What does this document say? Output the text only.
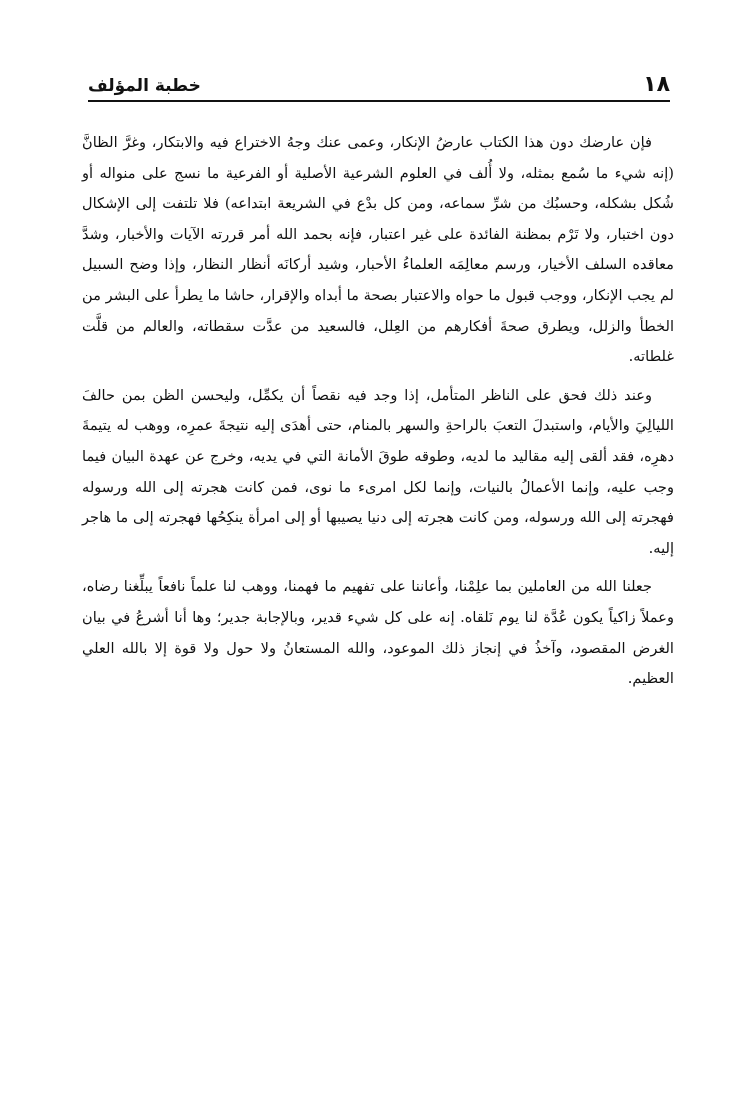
١٨
خطبة المؤلف

فإن عارضك دون هذا الكتاب عارضُ الإنكار، وعمى عنك وجهُ الاختراع فيه والابتكار، وغرَّ الظانَّ (إنه شيء ما سُمع بمثله، ولا أُلف في العلوم الشرعية الأصلية أو الفرعية ما نسج على منواله أو شُكل بشكله، وحسبُك من شرِّ سماعه، ومن كل بدْع في الشريعة ابتداعه) فلا تلتفت إلى الإشكال دون اختبار، ولا تَرْم بمظنة الفائدة على غير اعتبار، فإنه بحمد الله أمر قررته الآيات والأخبار، وشدَّ معاقده السلف الأخيار، ورسم معالِمَه العلماءُ الأحبار، وشيد أركانَه أنظار النظار، وإذا وضح السبيل لم يجب الإنكار، ووجب قبول ما حواه والاعتبار بصحة ما أبداه والإقرار، حاشا ما يطرأ على البشر من الخطأ والزلل، ويطرق صحةَ أفكارهم من العِلل، فالسعيد من عدَّت سقطاته، والعالم من قلَّت غلطاته.

وعند ذلك فحق على الناظر المتأمل، إذا وجد فيه نقصاً أن يكمِّل، وليحسن الظن بمن حالفَ الليالِيَ والأيام، واستبدلَ التعبَ بالراحةِ والسهر بالمنام، حتى أهدَى إليه نتيجةَ عمرِه، ووهب له يتيمةَ دهرِه، فقد ألقى إليه مقاليد ما لديه، وطوقه طوقَ الأمانة التي في يديه، وخرج عن عهدة البيان فيما وجب عليه، وإنما الأعمالُ بالنيات، وإنما لكل امرىء ما نوى، فمن كانت هجرته إلى الله ورسوله فهجرته إلى الله ورسوله، ومن كانت هجرته إلى دنيا يصيبها أو إلى امرأة ينكِحُها فهجرته إلى ما هاجر إليه.

جعلنا الله من العاملين بما علِمْنا، وأعاننا على تفهيم ما فهمنا، ووهب لنا علماً نافعاً يبلِّغنا رضاه، وعملاً زاكياً يكون عُدَّة لنا يوم نَلقاه. إنه على كل شيء قدير، وبالإجابة جدير؛ وها أنا أشرعُ في بيان الغرض المقصود، وآخذُ في إنجاز ذلك الموعود، والله المستعانُ ولا حول ولا قوة إلا بالله العلي العظيم.
